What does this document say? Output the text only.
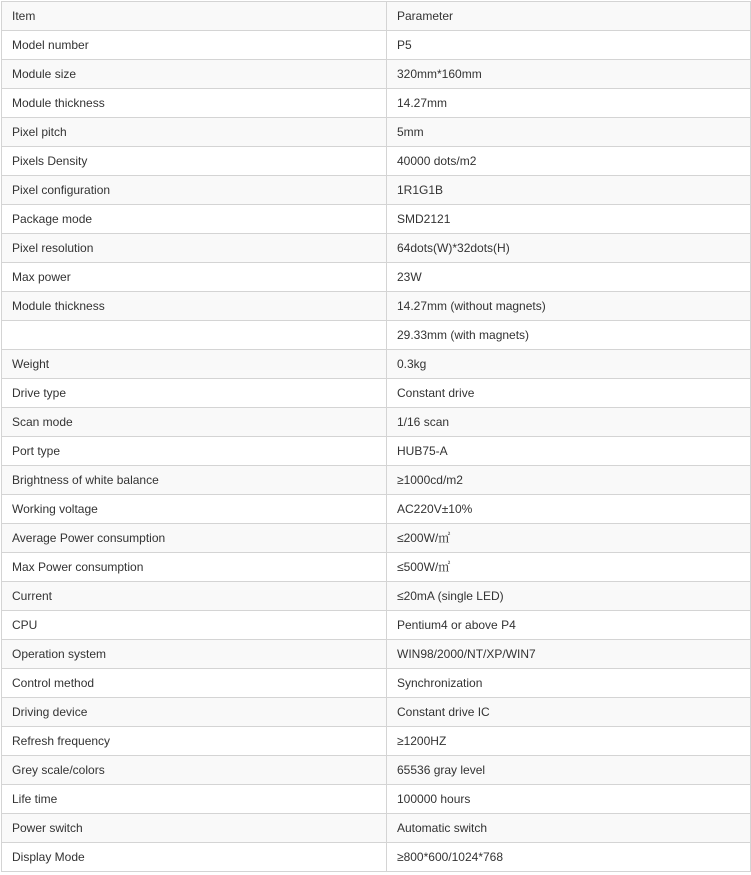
Item	Parameter
Model number	P5
Module size	320mm*160mm
Module thickness	14.27mm
Pixel pitch	5mm
Pixels Density	40000 dots/m2
Pixel configuration	1R1G1B
Package mode	SMD2121
Pixel resolution	64dots(W)*32dots(H)
Max power	23W
Module thickness	14.27mm (without magnets)
	29.33mm (with magnets)
Weight	0.3kg
Drive type	Constant drive
Scan mode	1/16 scan
Port type	HUB75-A
Brightness of white balance	≥1000cd/m2
Working voltage	AC220V±10%
Average Power consumption	≤200W/㎡
Max Power consumption	≤500W/㎡
Current	≤20mA (single LED)
CPU	Pentium4 or above P4
Operation system	WIN98/2000/NT/XP/WIN7
Control method	Synchronization
Driving device	Constant drive IC
Refresh frequency	≥1200HZ
Grey scale/colors	65536 gray level
Life time	100000 hours
Power switch	Automatic switch
Display Mode	≥800*600/1024*768
